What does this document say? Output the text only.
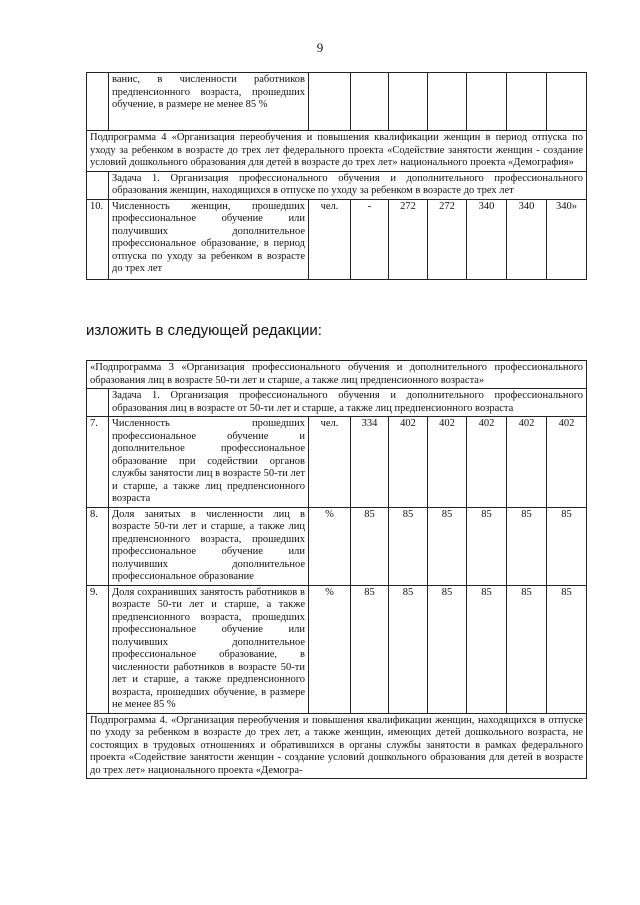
9
	ванис, в численности работников предпенсионного возраста, прошедших обучение, в размере не менее 85 %							
Подпрограмма 4 «Организация переобучения и повышения квалификации женщин в период отпуска по уходу за ребенком в возрасте до трех лет федерального проекта «Содействие занятости женщин - создание условий дошкольного образования для детей в возрасте до трех лет» национального проекта «Демография»								
	Задача 1. Организация профессионального обучения и дополнительного профессионального образования женщин, находящихся в отпуске по уходу за ребенком в возрасте до трех лет							
10.	Численность женщин, прошедших профессиональное обучение или получивших дополнительное профессиональное образование, в период отпуска по уходу за ребенком в возрасте до трех лет	чел.	-	272	272	340	340	340»
изложить в следующей редакции:
«Подпрограмма 3 «Организация профессионального обучения и дополнительного профессионального образования лиц в возрасте 50-ти лет и старше, а также лиц предпенсионного возраста»								
	Задача 1. Организация профессионального обучения и дополнительного профессионального образования лиц в возрасте от 50-ти лет и старше, а также лиц предпенсионного возраста							
7.	Численность прошедших профессиональное обучение и дополнительное профессиональное образование при содействии органов службы занятости лиц в возрасте 50-ти лет и старше, а также лиц предпенсионного возраста	чел.	334	402	402	402	402	402
8.	Доля занятых в численности лиц в возрасте 50-ти лет и старше, а также лиц предпенсионного возраста, прошедших профессиональное обучение или получивших дополнительное профессиональное образование	%	85	85	85	85	85	85
9.	Доля сохранивших занятость работников в возрасте 50-ти лет и старше, а также предпенсионного возраста, прошедших профессиональное обучение или получивших дополнительное профессиональное образование, в численности работников в возрасте 50-ти лет и старше, а также предпенсионного возраста, прошедших обучение, в размере не менее 85 %	%	85	85	85	85	85	85
Подпрограмма 4. «Организация переобучения и повышения квалификации женщин, находящихся в отпуске по уходу за ребенком в возрасте до трех лет, а также женщин, имеющих детей дошкольного возраста, не состоящих в трудовых отношениях и обратившихся в органы службы занятости в рамках федерального проекта «Содействие занятости женщин - создание условий дошкольного образования для детей в возрасте до трех лет» национального проекта «Демогра-								
